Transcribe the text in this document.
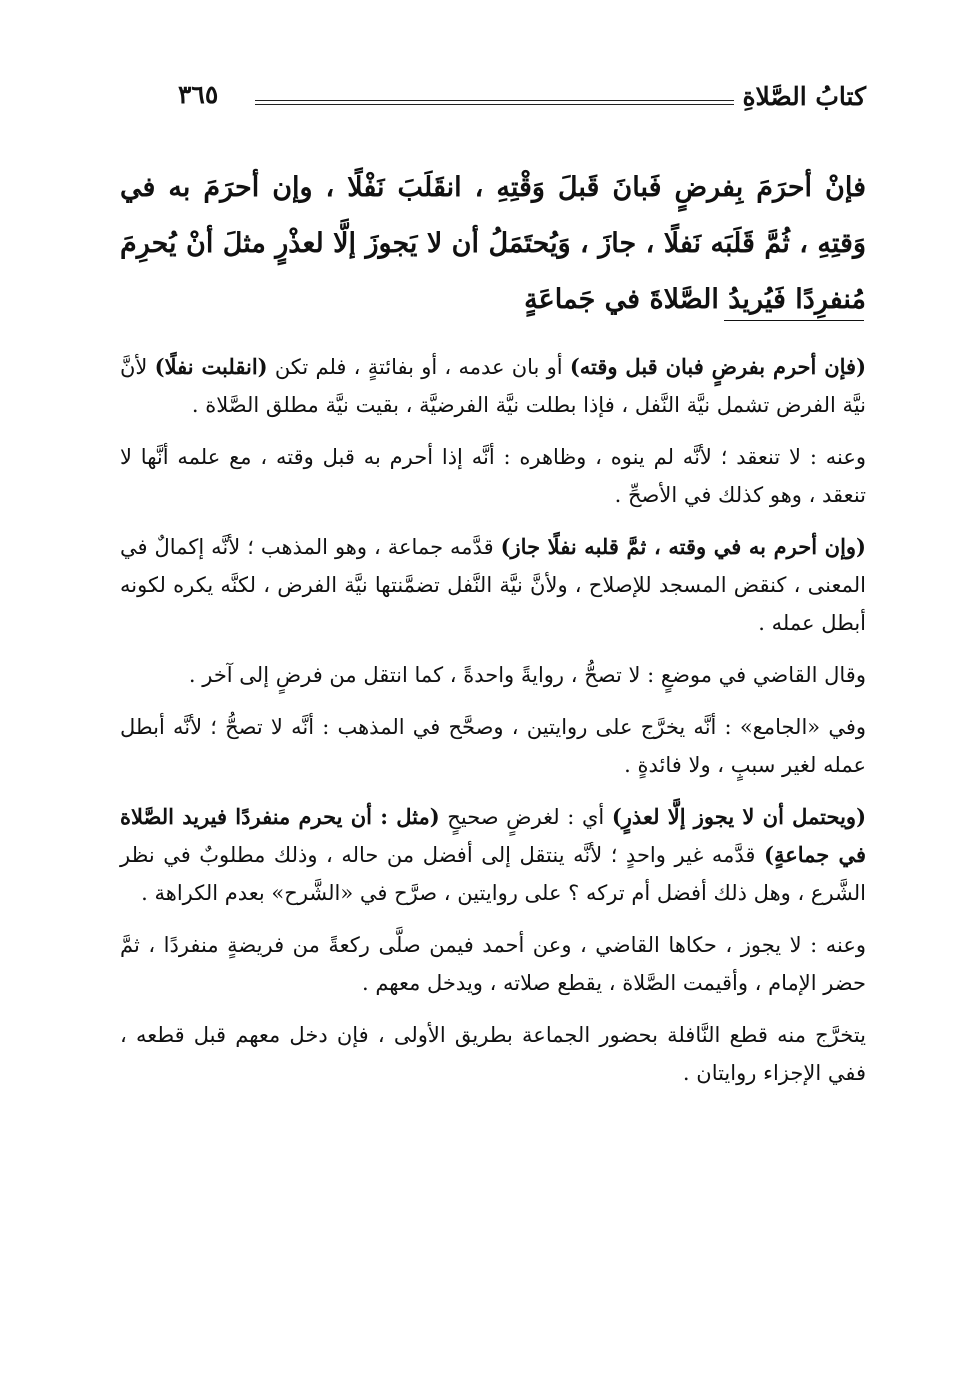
كتابُ الصَّلاةِ
٣٦٥
فإنْ أحرَمَ بِفرضٍ فَبانَ قَبلَ وَقْتِهِ ، انقَلَبَ نَفْلًا ، وإن أحرَمَ به في وَقتِهِ ، ثُمَّ قَلَبَه نَفلًا ، جازَ ، وَيُحتَمَلُ أن لا يَجوزَ إلَّا لعذْرٍ مثلَ أنْ يُحرِمَ مُنفرِدًا فَيُريدُ الصَّلاةَ في جَماعَةٍ

(فإن أحرم بفرضٍ فبان قبل وقته) أو بان عدمه ، أو بفائتةٍ ، فلم تكن (انقلبت نفلًا) لأنَّ نيَّة الفرض تشمل نيَّة النَّفل ، فإذا بطلت نيَّة الفرضيَّة ، بقيت نيَّة مطلق الصَّلاة .

وعنه : لا تنعقد ؛ لأنَّه لم ينوه ، وظاهره : أنَّه إذا أحرم به قبل وقته ، مع علمه أنَّها لا تنعقد ، وهو كذلك في الأصحِّ .

(وإن أحرم به في وقته ، ثمَّ قلبه نفلًا جاز) قدَّمه جماعة ، وهو المذهب ؛ لأنَّه إكمالٌ في المعنى ، كنقض المسجد للإصلاح ، ولأنَّ نيَّة النَّفل تضمَّنتها نيَّة الفرض ، لكنَّه يكره لكونه أبطل عمله .

وقال القاضي في موضعٍ : لا تصحُّ ، روايةً واحدةً ، كما انتقل من فرضٍ إلى آخر .

وفي «الجامع» : أنَّه يخرَّج على روايتين ، وصحَّح في المذهب : أنَّه لا تصحُّ ؛ لأنَّه أبطل عمله لغير سببٍ ، ولا فائدةٍ .

(ويحتمل أن لا يجوز إلَّا لعذرٍ) أي : لغرضٍ صحيحٍ (مثل : أن يحرم منفردًا فيريد الصَّلاة في جماعةٍ) قدَّمه غير واحدٍ ؛ لأنَّه ينتقل إلى أفضل من حاله ، وذلك مطلوبٌ في نظر الشَّرع ، وهل ذلك أفضل أم تركه ؟ على روايتين ، صرَّح في «الشَّرح» بعدم الكراهة .

وعنه : لا يجوز ، حكاها القاضي ، وعن أحمد فيمن صلَّى ركعةً من فريضةٍ منفردًا ، ثمَّ حضر الإمام ، وأقيمت الصَّلاة ، يقطع صلاته ، ويدخل معهم .

يتخرَّج منه قطع النَّافلة بحضور الجماعة بطريق الأولى ، فإن دخل معهم قبل قطعه ، ففي الإجزاء روايتان .
